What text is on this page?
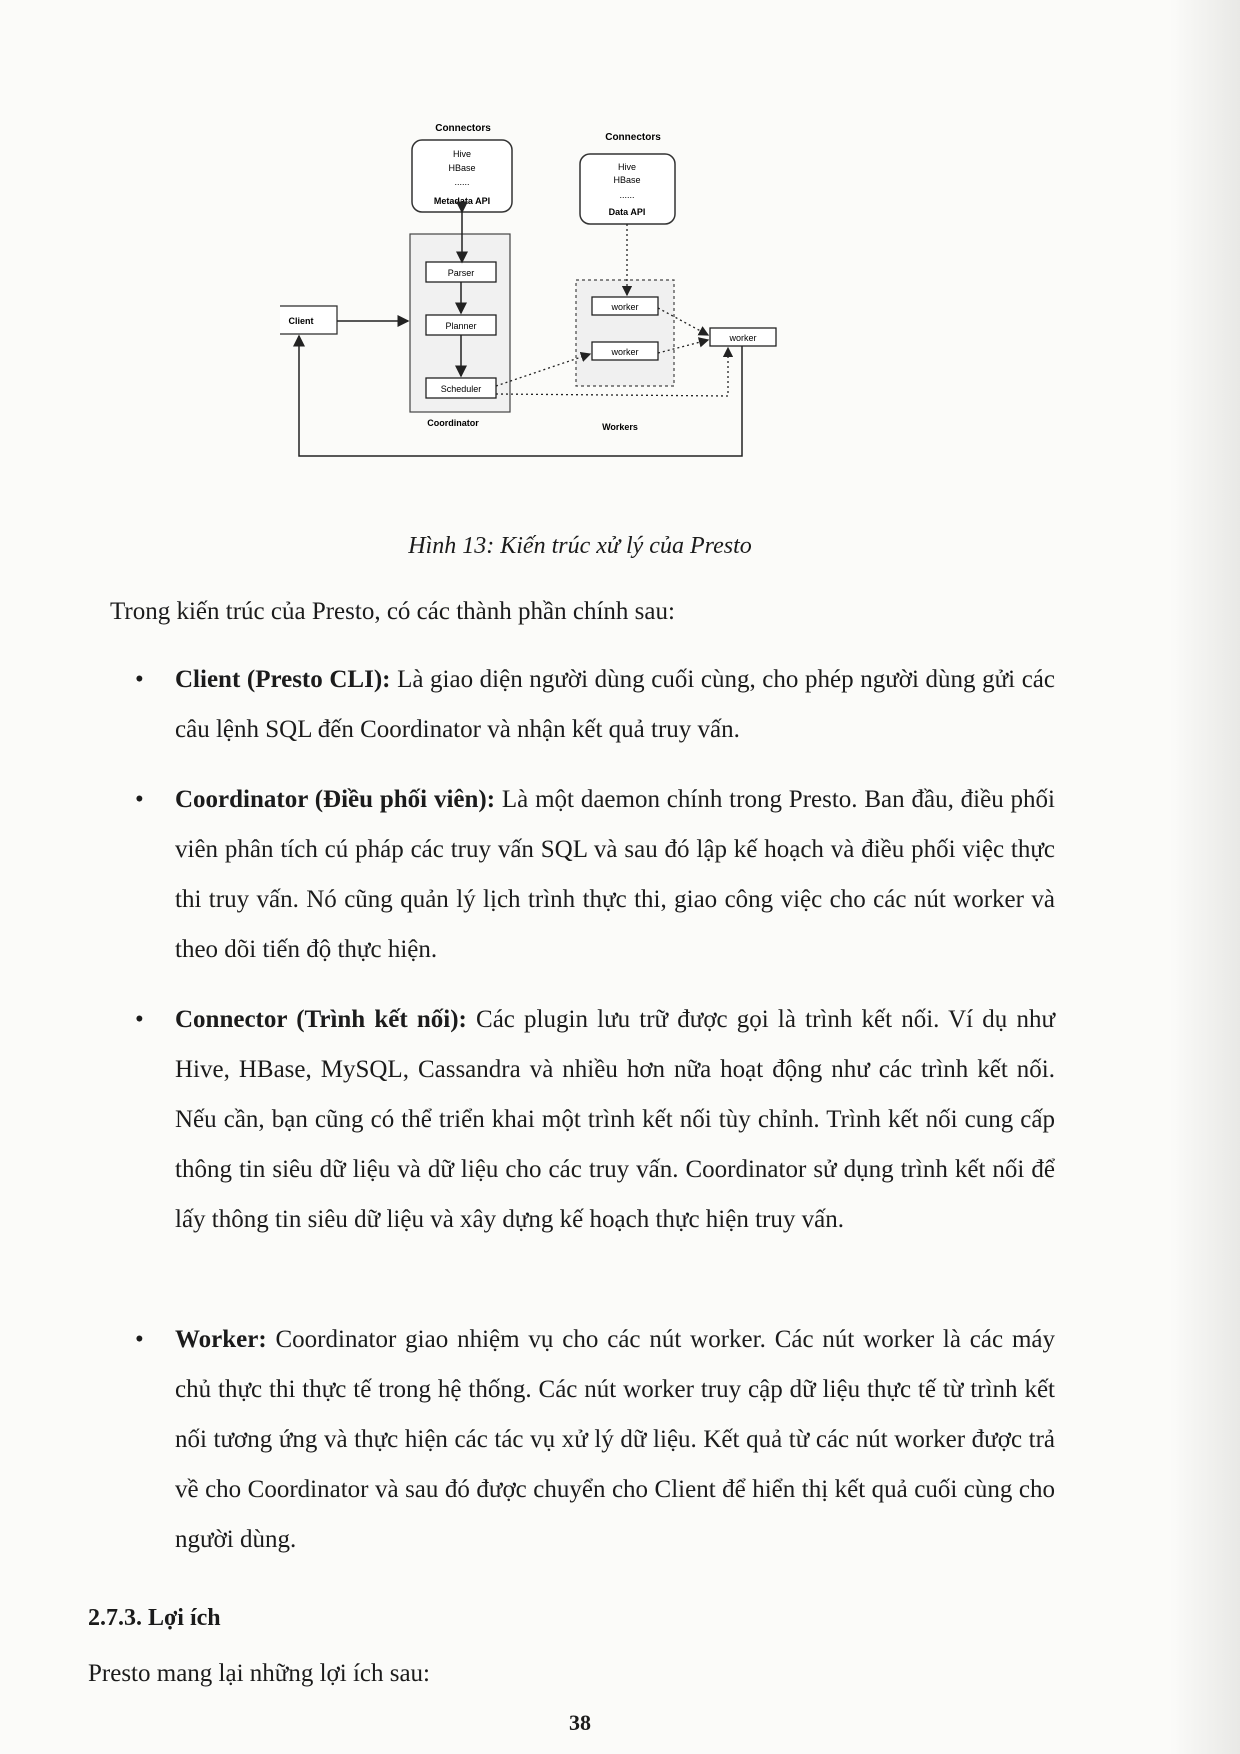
Connectors
Hive
HBase
......
Metadata API
Connectors
Hive
HBase
......
Data API
Parser
Planner
Scheduler
Coordinator
Client
worker
worker
worker
Workers
Hình 13: Kiến trúc xử lý của Presto
Trong kiến trúc của Presto, có các thành phần chính sau:
•	Client (Presto CLI): Là giao diện người dùng cuối cùng, cho phép người dùng gửi các câu lệnh SQL đến Coordinator và nhận kết quả truy vấn.
•	Coordinator (Điều phối viên): Là một daemon chính trong Presto. Ban đầu, điều phối viên phân tích cú pháp các truy vấn SQL và sau đó lập kế hoạch và điều phối việc thực thi truy vấn. Nó cũng quản lý lịch trình thực thi, giao công việc cho các nút worker và theo dõi tiến độ thực hiện.
•	Connector (Trình kết nối): Các plugin lưu trữ được gọi là trình kết nối. Ví dụ như Hive, HBase, MySQL, Cassandra và nhiều hơn nữa hoạt động như các trình kết nối. Nếu cần, bạn cũng có thể triển khai một trình kết nối tùy chỉnh. Trình kết nối cung cấp thông tin siêu dữ liệu và dữ liệu cho các truy vấn. Coordinator sử dụng trình kết nối để lấy thông tin siêu dữ liệu và xây dựng kế hoạch thực hiện truy vấn.
•	Worker: Coordinator giao nhiệm vụ cho các nút worker. Các nút worker là các máy chủ thực thi thực tế trong hệ thống. Các nút worker truy cập dữ liệu thực tế từ trình kết nối tương ứng và thực hiện các tác vụ xử lý dữ liệu. Kết quả từ các nút worker được trả về cho Coordinator và sau đó được chuyển cho Client để hiển thị kết quả cuối cùng cho người dùng.
2.7.3. Lợi ích
Presto mang lại những lợi ích sau:
38
